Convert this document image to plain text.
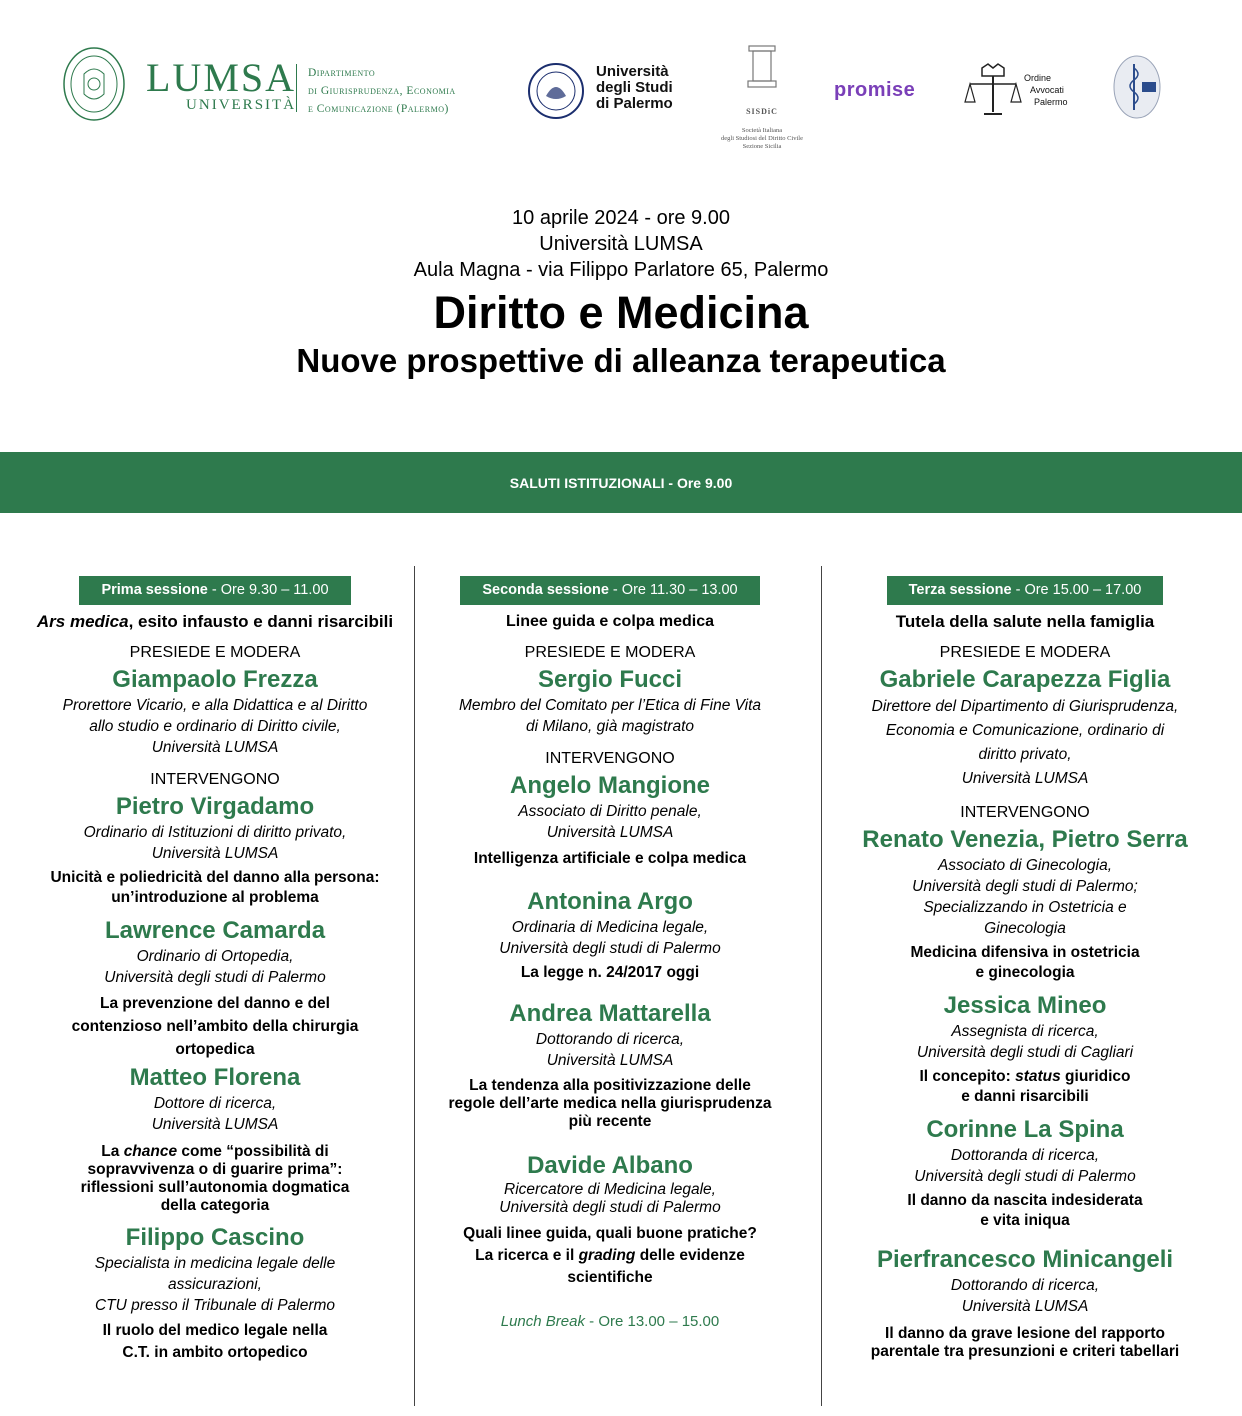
LUMSA
UNIVERSITÀ
Dipartimento
di Giurisprudenza, Economia
e Comunicazione (Palermo)
Università
degli Studi
di Palermo	SISDiC
Società Italiana
degli Studiosi del Diritto Civile
Sezione Sicilia
promise
Ordine
Avvocati
Palermo
10 aprile 2024 - ore 9.00
Università LUMSA
Aula Magna - via Filippo Parlatore 65, Palermo
Diritto e Medicina
Nuove prospettive di alleanza terapeutica
SALUTI ISTITUZIONALI - Ore 9.00
Prima sessione - Ore 9.30 – 11.00
Ars medica, esito infausto e danni risarcibili
PRESIEDE E MODERA
Giampaolo Frezza
Prorettore Vicario, e alla Didattica e al Diritto
allo studio e ordinario di Diritto civile,
Università LUMSA
INTERVENGONO
Pietro Virgadamo
Ordinario di Istituzioni di diritto privato,
Università LUMSA
Unicità e poliedricità del danno alla persona:
un’introduzione al problema
Lawrence Camarda
Ordinario di Ortopedia,
Università degli studi di Palermo
La prevenzione del danno e del
contenzioso nell’ambito della chirurgia
ortopedica
Matteo Florena
Dottore di ricerca,
Università LUMSA
La chance come “possibilità di
sopravvivenza o di guarire prima”:
riflessioni sull’autonomia dogmatica
della categoria
Filippo Cascino
Specialista in medicina legale delle
assicurazioni,
CTU presso il Tribunale di Palermo
Il ruolo del medico legale nella
C.T. in ambito ortopedico
Seconda sessione - Ore 11.30 – 13.00
Linee guida e colpa medica
PRESIEDE E MODERA
Sergio Fucci
Membro del Comitato per l’Etica di Fine Vita
di Milano, già magistrato
INTERVENGONO
Angelo Mangione
Associato di Diritto penale,
Università LUMSA
Intelligenza artificiale e colpa medica
Antonina Argo
Ordinaria di Medicina legale,
Università degli studi di Palermo
La legge n. 24/2017 oggi
Andrea Mattarella
Dottorando di ricerca,
Università LUMSA
La tendenza alla positivizzazione delle
regole dell’arte medica nella giurisprudenza
più recente
Davide Albano
Ricercatore di Medicina legale,
Università degli studi di Palermo
Quali linee guida, quali buone pratiche?
La ricerca e il grading delle evidenze
scientifiche
Lunch Break - Ore 13.00 – 15.00
Terza sessione - Ore 15.00 – 17.00
Tutela della salute nella famiglia
PRESIEDE E MODERA
Gabriele Carapezza Figlia
Direttore del Dipartimento di Giurisprudenza,
Economia e Comunicazione, ordinario di
diritto privato,
Università LUMSA
INTERVENGONO
Renato Venezia, Pietro Serra
Associato di Ginecologia,
Università degli studi di Palermo;
Specializzando in Ostetricia e
Ginecologia
Medicina difensiva in ostetricia
e ginecologia
Jessica Mineo
Assegnista di ricerca,
Università degli studi di Cagliari
Il concepito: status giuridico
e danni risarcibili
Corinne La Spina
Dottoranda di ricerca,
Università degli studi di Palermo
Il danno da nascita indesiderata
e vita iniqua
Pierfrancesco Minicangeli
Dottorando di ricerca,
Università LUMSA
Il danno da grave lesione del rapporto
parentale tra presunzioni e criteri tabellari
